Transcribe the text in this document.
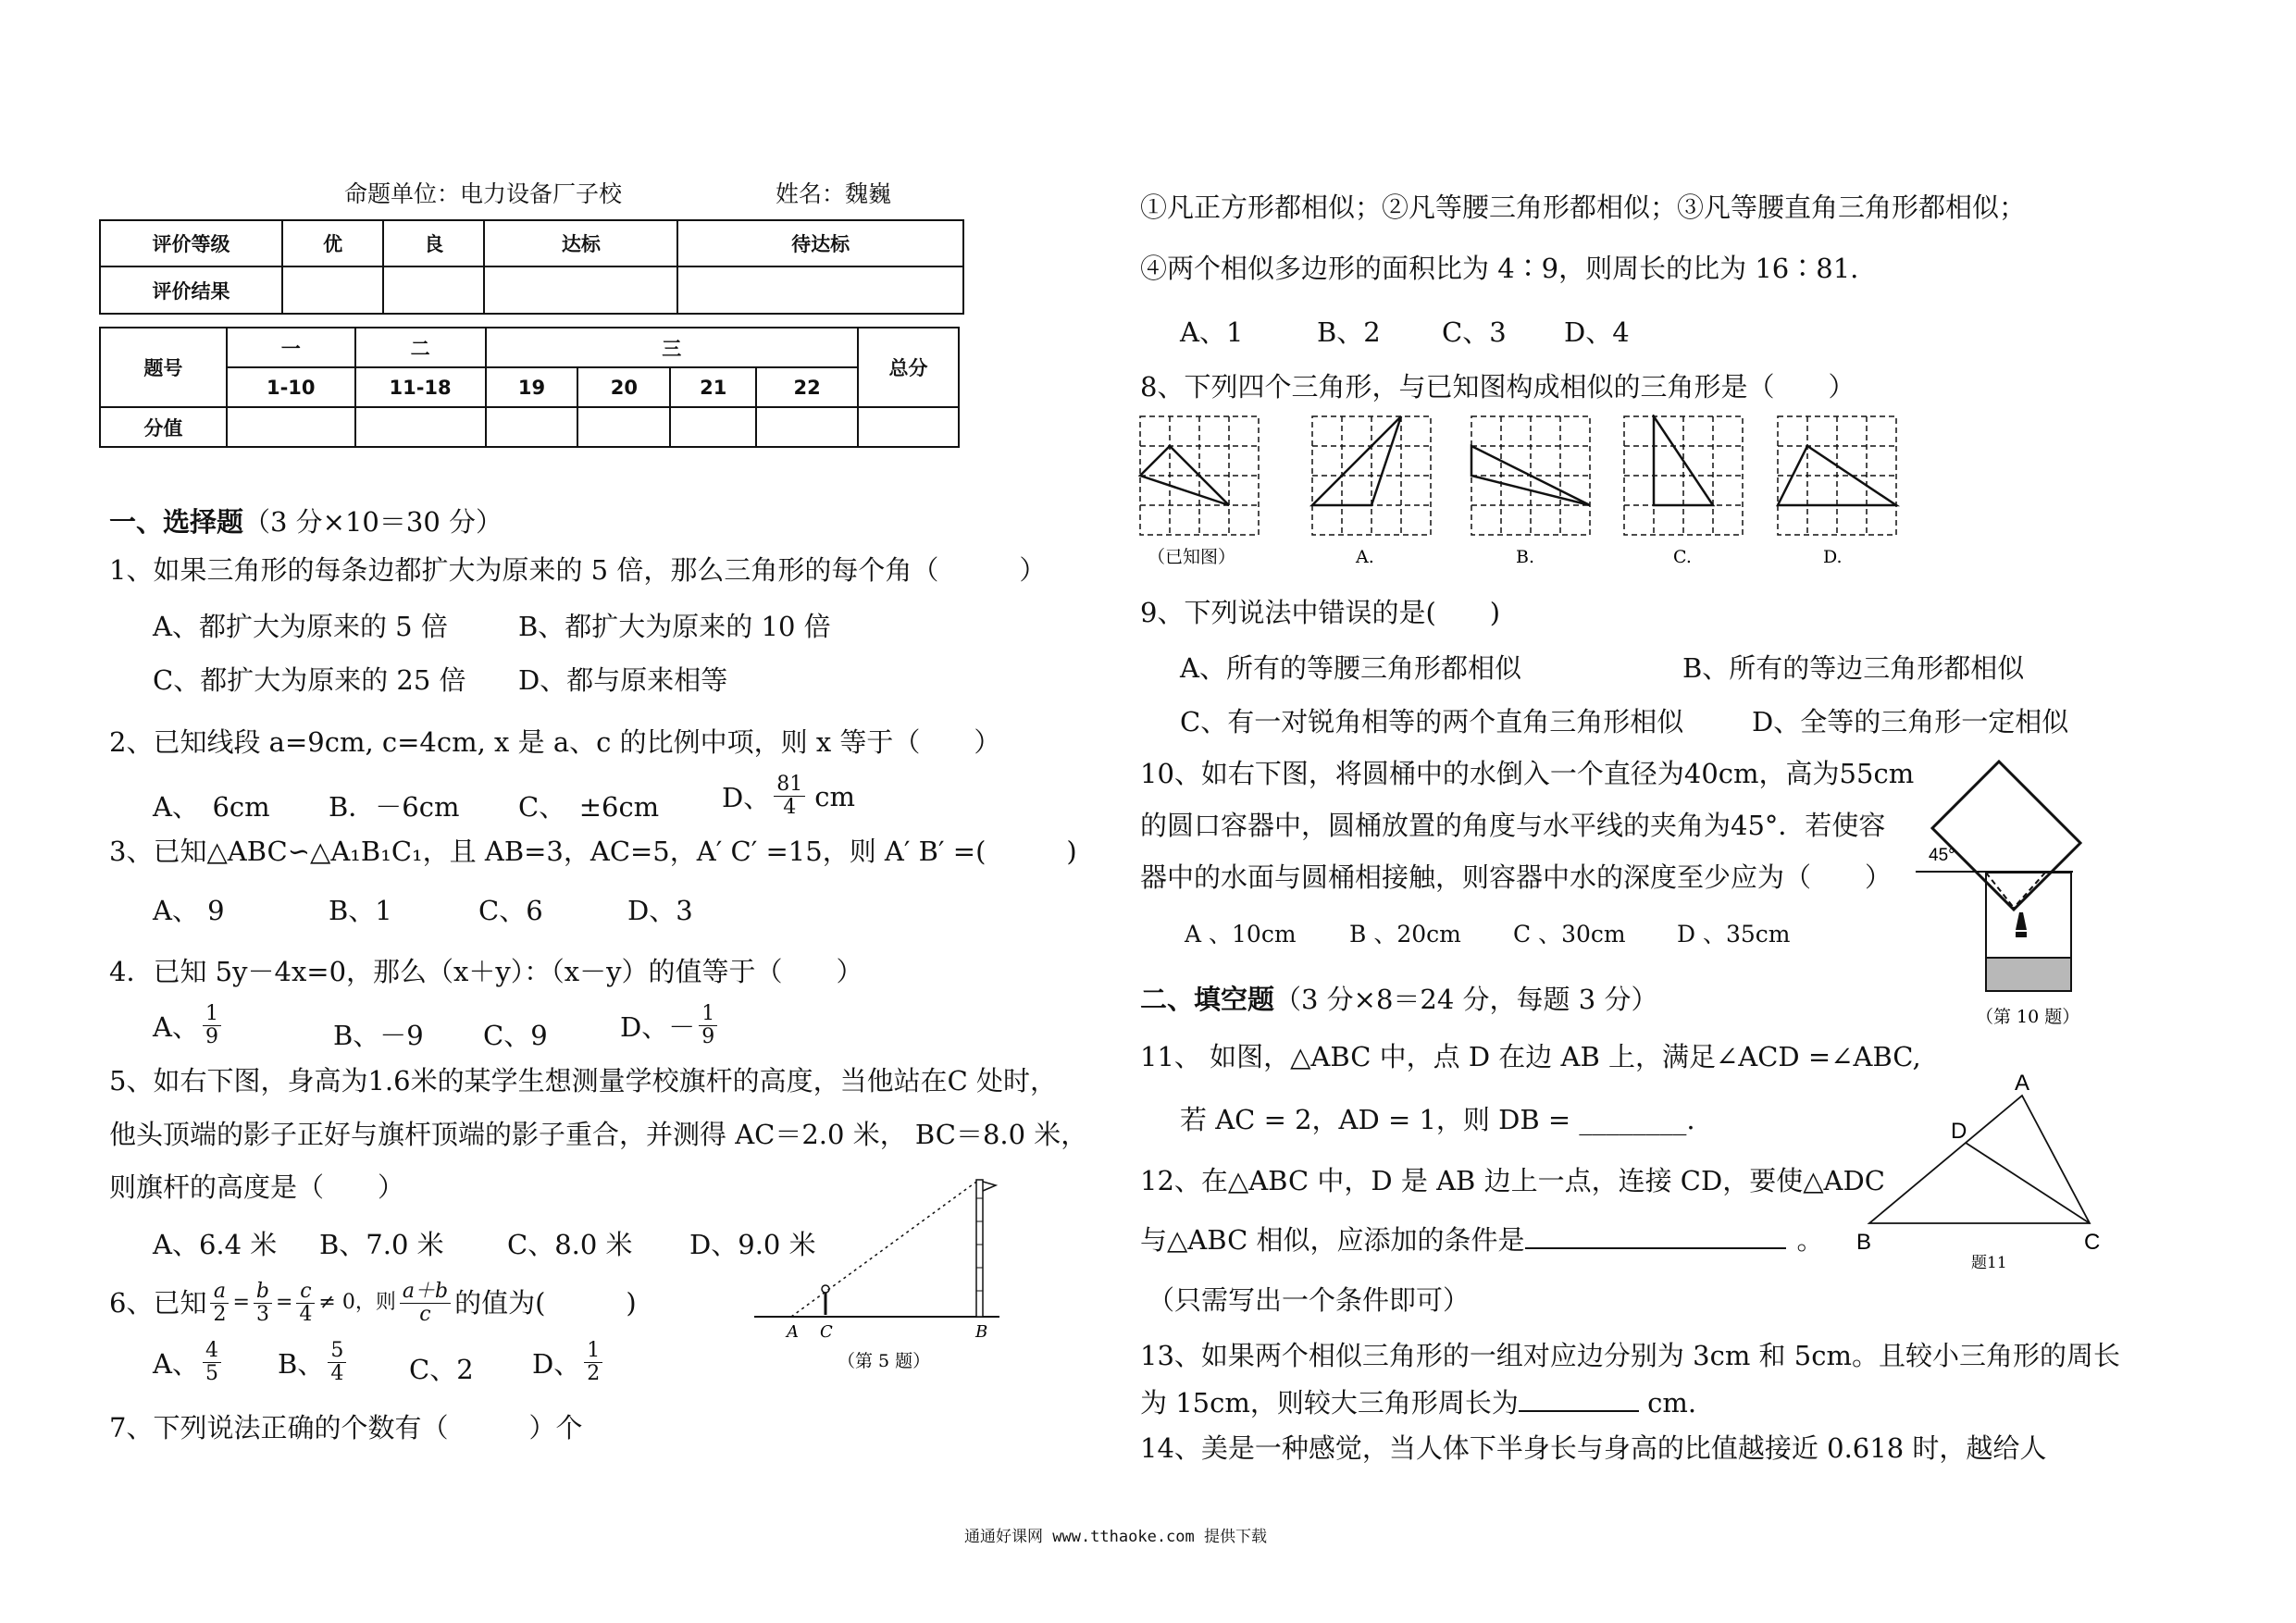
命题单位：电力设备厂子校	姓名：魏巍
评价等级	优	良	达标	待达标
评价结果				
题号	一	二	三				总分
	1-10	11-18	19	20	21	22	
分值							
一、选择题（3 分×10＝30 分）
1、如果三角形的每条边都扩大为原来的 5 倍，那么三角形的每个角（　　　）
A、都扩大为原来的 5 倍	B、都扩大为原来的 10 倍
C、都扩大为原来的 25 倍 D、都与原来相等
2、已知线段 a=9cm, c=4cm, x 是 a、c 的比例中项，则 x 等于（　　）
A、　6cm B．－6cm C、　±6cm D、 $\frac{81}{4}$ cm
3、已知△ABC∽△A₁B₁C₁，且 AB=3，AC=5，A′ C′ =15，则 A′ B′ =(　　　)
A、 9	B、1	C、6	D、3
4．已知 5y－4x=0，那么（x＋y）：（x－y）的值等于（　　）
A、 $\frac{1}{9}$	B、－9 C、9	D、－ $\frac{1}{9}$
5、如右下图，身高为1.6米的某学生想测量学校旗杆的高度，当他站在C 处时，
他头顶端的影子正好与旗杆顶端的影子重合，并测得 AC＝2.0 米， BC＝8.0 米，
则旗杆的高度是（　　）
A、6.4 米 B、7.0 米 C、8.0 米 D、9.0 米
A C	B
（第 5 题）
6、已知 $\frac{a}{2} = \frac{b}{3} = \frac{c}{4} \ne 0$，则 $\frac{a+b}{c}$ 的值为(　　　)
A、 $\frac{4}{5}$ B、 $\frac{5}{4}$ C、2 D、 $\frac{1}{2}$
7、下列说法正确的个数有（　　　）个
①凡正方形都相似；②凡等腰三角形都相似；③凡等腰直角三角形都相似；
④两个相似多边形的面积比为 4∶9，则周长的比为 16∶81.
A、1	B、2 C、3 D、4
8、下列四个三角形，与已知图构成相似的三角形是（　　）
（已知图）	A.	B.	C.	D.
9、下列说法中错误的是(　　)
A、所有的等腰三角形都相似	B、所有的等边三角形都相似
C、有一对锐角相等的两个直角三角形相似	D、全等的三角形一定相似
10、如右下图，将圆桶中的水倒入一个直径为40cm，高为55cm
的圆口容器中，圆桶放置的角度与水平线的夹角为45°．若使容
器中的水面与圆桶相接触，则容器中水的深度至少应为（　　）
A 、10cm B 、20cm C 、30cm D 、35cm
45°
（第 10 题）
二、填空题（3 分×8＝24 分，每题 3 分）
11、 如图，△ABC 中，点 D 在边 AB 上，满足∠ACD =∠ABC,
若 AC = 2，AD = 1，则 DB = ________.
A
D
B	C
题11
12、在△ABC 中，D 是 AB 边上一点，连接 CD，要使△ADC
与△ABC 相似，应添加的条件是	。
（只需写出一个条件即可）
13、如果两个相似三角形的一组对应边分别为 3cm 和 5cm。且较小三角形的周长
为 15cm，则较大三角形周长为	cm.
14、美是一种感觉，当人体下半身长与身高的比值越接近 0.618 时，越给人
通通好课网 www.tthaoke.com 提供下载
